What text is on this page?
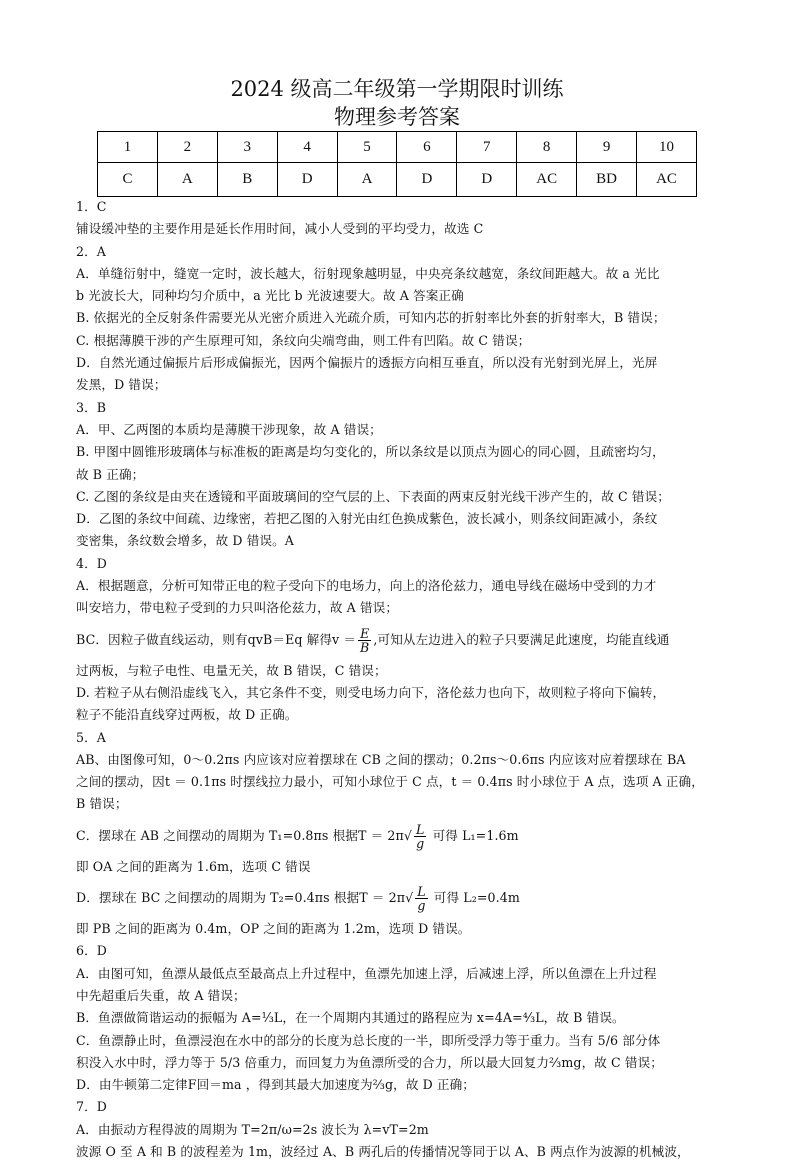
2024 级高二年级第一学期限时训练
物理参考答案
1	2	3	4	5	6	7	8	9	10
C	A	B	D	A	D	D	AC	BD	AC

1．C

铺设缓冲垫的主要作用是延长作用时间，减小人受到的平均受力，故选 C

2．A

A．单缝衍射中，缝宽一定时，波长越大，衍射现象越明显，中央亮条纹越宽，条纹间距越大。故 a 光比

b 光波长大，同种均匀介质中，a 光比 b 光波速要大。故 A 答案正确

B. 依据光的全反射条件需要光从光密介质进入光疏介质，可知内芯的折射率比外套的折射率大，B 错误；

C. 根据薄膜干涉的产生原理可知，条纹向尖端弯曲，则工件有凹陷。故 C 错误；

D．自然光通过偏振片后形成偏振光，因两个偏振片的透振方向相互垂直，所以没有光射到光屏上，光屏

发黑，D 错误；

3．B

A．甲、乙两图的本质均是薄膜干涉现象，故 A 错误；

B. 甲图中圆锥形玻璃体与标准板的距离是均匀变化的，所以条纹是以顶点为圆心的同心圆，且疏密均匀，

故 B 正确；

C. 乙图的条纹是由夹在透镜和平面玻璃间的空气层的上、下表面的两束反射光线干涉产生的，故 C 错误；

D．乙图的条纹中间疏、边缘密，若把乙图的入射光由红色换成紫色，波长减小，则条纹间距减小，条纹

变密集，条纹数会增多，故 D 错误。A

4．D

A．根据题意，分析可知带正电的粒子受向下的电场力，向上的洛伦兹力，通电导线在磁场中受到的力才

叫安培力，带电粒子受到的力只叫洛伦兹力，故 A 错误；

BC．因粒子做直线运动，则有qvB＝Eq 解得$v = \frac{E}{B}$ ,可知从左边进入的粒子只要满足此速度，均能直线通

过两板，与粒子电性、电量无关，故 B 错误，C 错误；

D. 若粒子从右侧沿虚线飞入，其它条件不变，则受电场力向下，洛伦兹力也向下，故则粒子将向下偏转，

粒子不能沿直线穿过两板，故 D 正确。

5．A

AB、由图像可知，0～0.2πs 内应该对应着摆球在 CB 之间的摆动；0.2πs～0.6πs 内应该对应着摆球在 BA

之间的摆动，因t ＝ 0.1πs 时摆线拉力最小，可知小球位于 C 点，t ＝ 0.4πs 时小球位于 A 点，选项 A 正确，

B 错误；

C．摆球在 AB 之间摆动的周期为 T₁=0.8πs 根据$T = 2\pi√ \frac{L}{g}$ 可得 L₁=1.6m

即 OA 之间的距离为 1.6m，选项 C 错误

D．摆球在 BC 之间摆动的周期为 T₂=0.4πs 根据$T = 2\pi√ \frac{L}{g}$ 可得 L₂=0.4m

即 PB 之间的距离为 0.4m，OP 之间的距离为 1.2m，选项 D 错误。

6．D

A．由图可知，鱼漂从最低点至最高点上升过程中，鱼漂先加速上浮，后减速上浮，所以鱼漂在上升过程

中先超重后失重，故 A 错误；

B．鱼漂做简谐运动的振幅为 A=⅓L，在一个周期内其通过的路程应为 x=4A=⁴⁄₃L，故 B 错误。

C．鱼漂静止时，鱼漂浸泡在水中的部分的长度为总长度的一半，即所受浮力等于重力。当有 5/6 部分体

积没入水中时，浮力等于 5/3 倍重力，而回复力为鱼漂所受的合力，所以最大回复力⅔mg，故 C 错误；

D．由牛顿第二定律F回＝ma ，得到其最大加速度为⅔g，故 D 正确；

7．D

A．由振动方程得波的周期为 T=2π/ω=2s 波长为 λ=vT=2m

波源 O 至 A 和 B 的波程差为 1m，波经过 A、B 两孔后的传播情况等同于以 A、B 两点作为波源的机械波，
